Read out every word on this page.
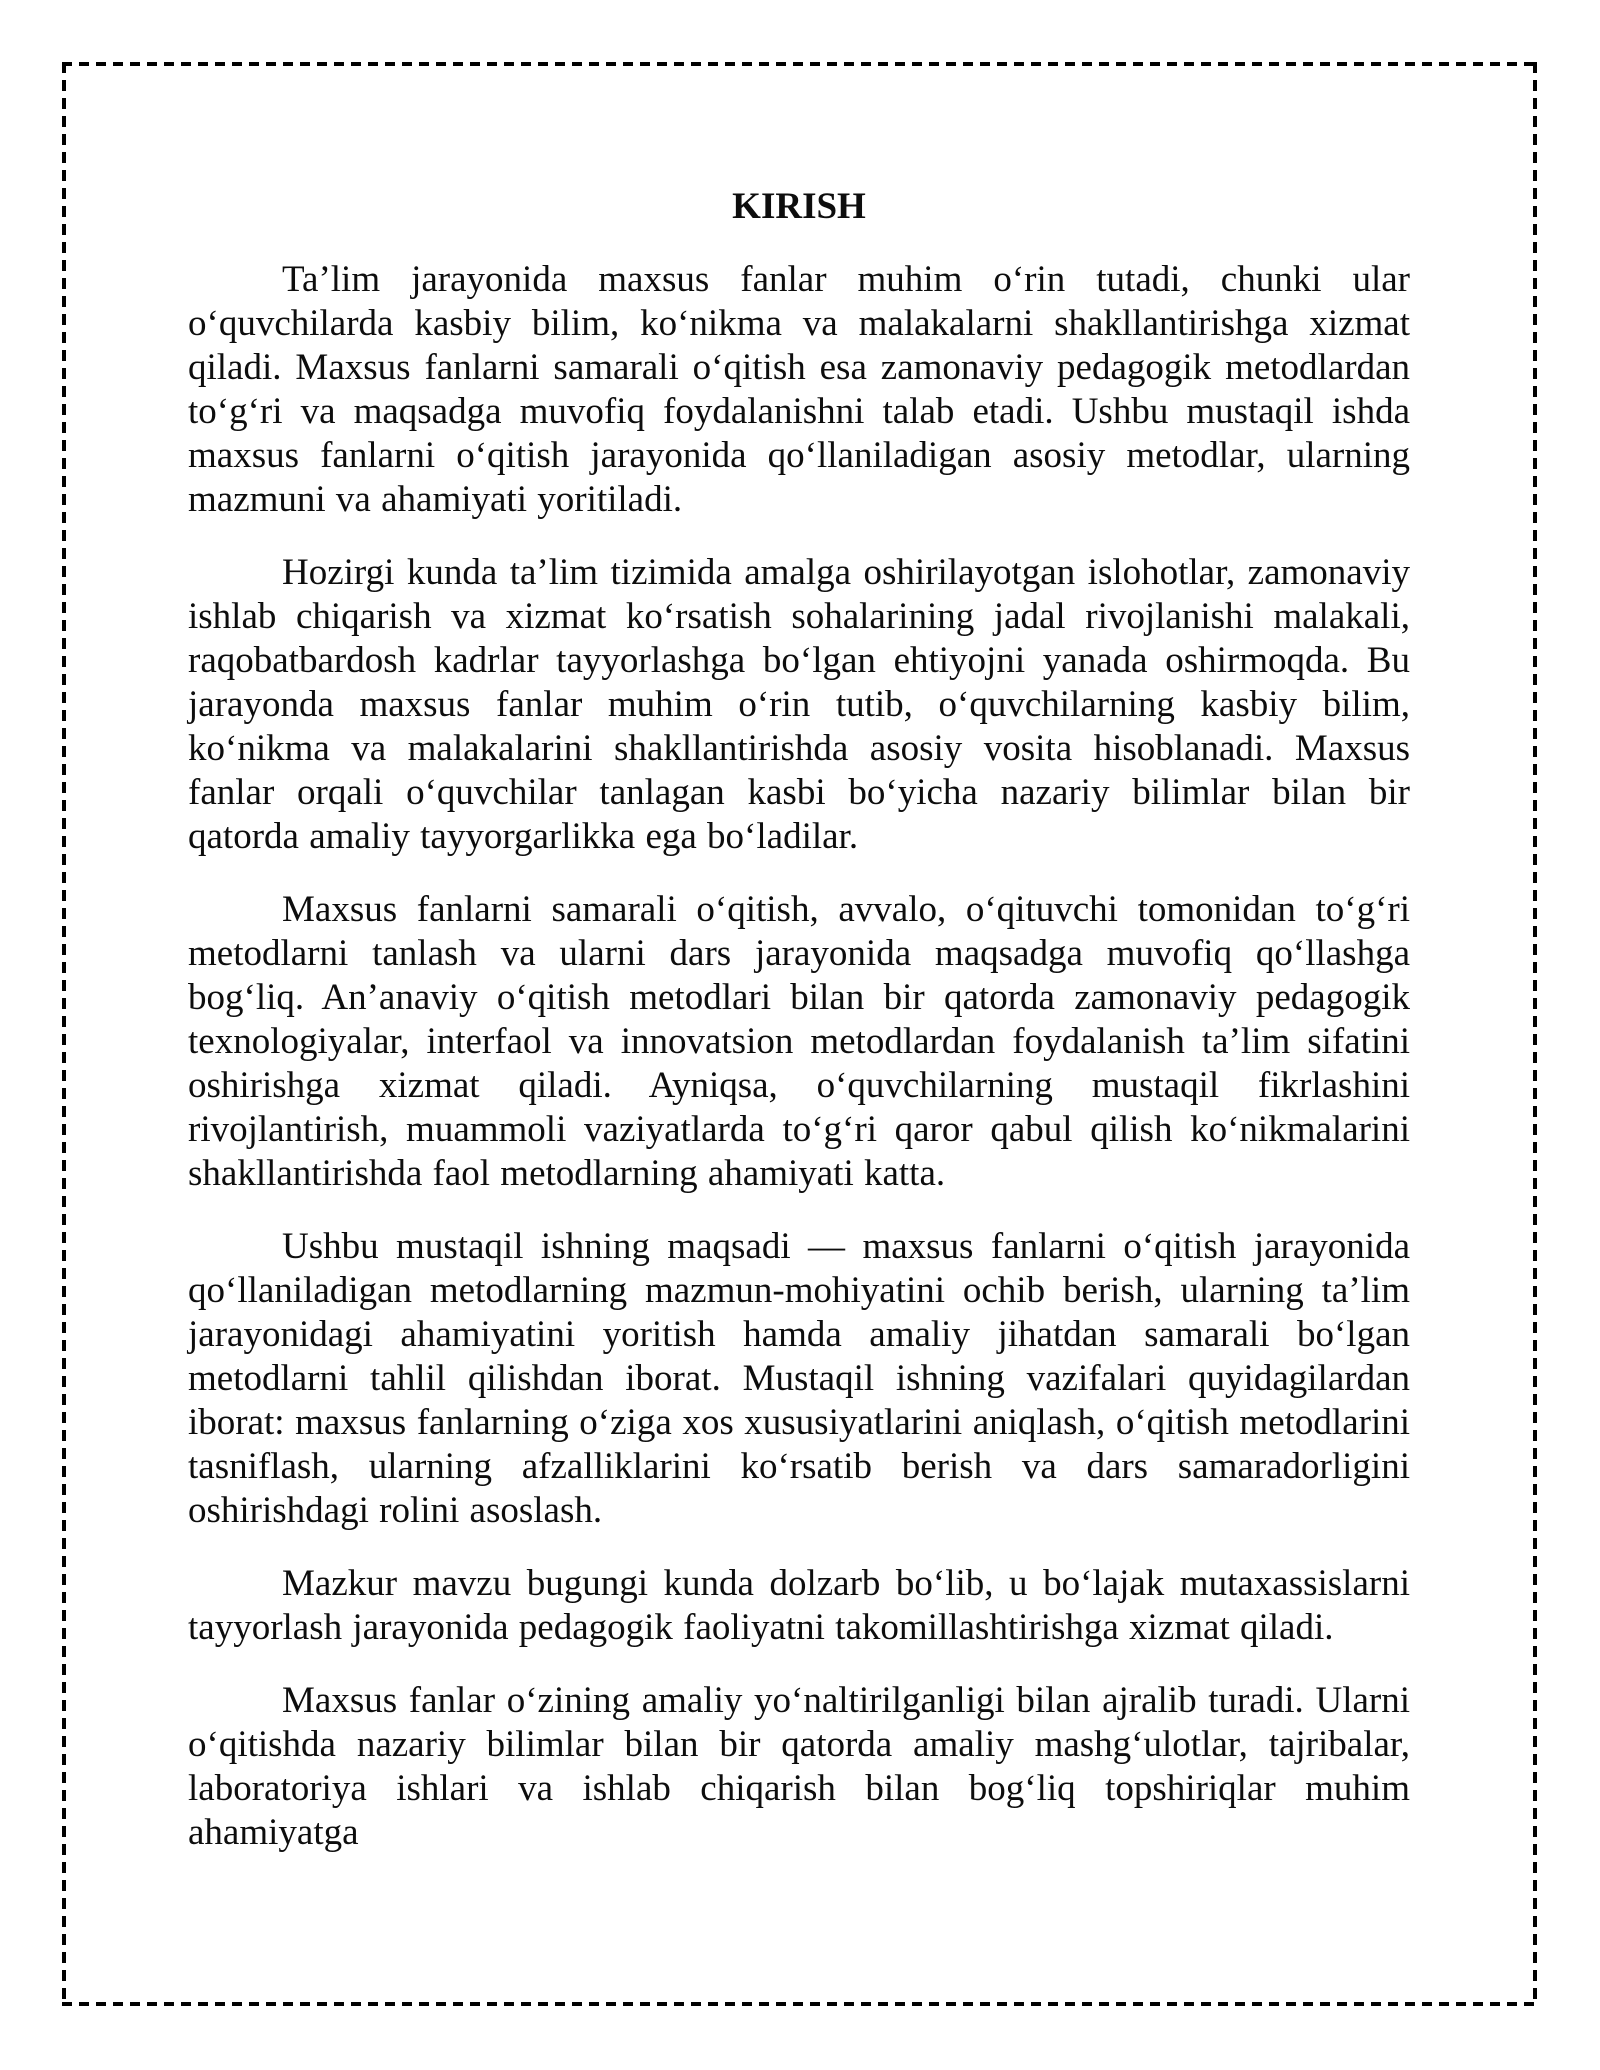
KIRISH

Ta’lim jarayonida maxsus fanlar muhim o‘rin tutadi, chunki ular o‘quvchilarda kasbiy bilim, ko‘nikma va malakalarni shakllantirishga xizmat qiladi. Maxsus fanlarni samarali o‘qitish esa zamonaviy pedagogik metodlardan to‘g‘ri va maqsadga muvofiq foydalanishni talab etadi. Ushbu mustaqil ishda maxsus fanlarni o‘qitish jarayonida qo‘llaniladigan asosiy metodlar, ularning mazmuni va ahamiyati yoritiladi.

Hozirgi kunda ta’lim tizimida amalga oshirilayotgan islohotlar, zamonaviy ishlab chiqarish va xizmat ko‘rsatish sohalarining jadal rivojlanishi malakali, raqobatbardosh kadrlar tayyorlashga bo‘lgan ehtiyojni yanada oshirmoqda. Bu jarayonda maxsus fanlar muhim o‘rin tutib, o‘quvchilarning kasbiy bilim, ko‘nikma va malakalarini shakllantirishda asosiy vosita hisoblanadi. Maxsus fanlar orqali o‘quvchilar tanlagan kasbi bo‘yicha nazariy bilimlar bilan bir qatorda amaliy tayyorgarlikka ega bo‘ladilar.

Maxsus fanlarni samarali o‘qitish, avvalo, o‘qituvchi tomonidan to‘g‘ri metodlarni tanlash va ularni dars jarayonida maqsadga muvofiq qo‘llashga bog‘liq. An’anaviy o‘qitish metodlari bilan bir qatorda zamonaviy pedagogik texnologiyalar, interfaol va innovatsion metodlardan foydalanish ta’lim sifatini oshirishga xizmat qiladi. Ayniqsa, o‘quvchilarning mustaqil fikrlashini rivojlantirish, muammoli vaziyatlarda to‘g‘ri qaror qabul qilish ko‘nikmalarini shakllantirishda faol metodlarning ahamiyati katta.

Ushbu mustaqil ishning maqsadi — maxsus fanlarni o‘qitish jarayonida qo‘llaniladigan metodlarning mazmun-mohiyatini ochib berish, ularning ta’lim jarayonidagi ahamiyatini yoritish hamda amaliy jihatdan samarali bo‘lgan metodlarni tahlil qilishdan iborat. Mustaqil ishning vazifalari quyidagilardan iborat: maxsus fanlarning o‘ziga xos xususiyatlarini aniqlash, o‘qitish metodlarini tasniflash, ularning afzalliklarini ko‘rsatib berish va dars samaradorligini oshirishdagi rolini asoslash.

Mazkur mavzu bugungi kunda dolzarb bo‘lib, u bo‘lajak mutaxassislarni tayyorlash jarayonida pedagogik faoliyatni takomillashtirishga xizmat qiladi.

Maxsus fanlar o‘zining amaliy yo‘naltirilganligi bilan ajralib turadi. Ularni o‘qitishda nazariy bilimlar bilan bir qatorda amaliy mashg‘ulotlar, tajribalar, laboratoriya ishlari va ishlab chiqarish bilan bog‘liq topshiriqlar muhim ahamiyatga
